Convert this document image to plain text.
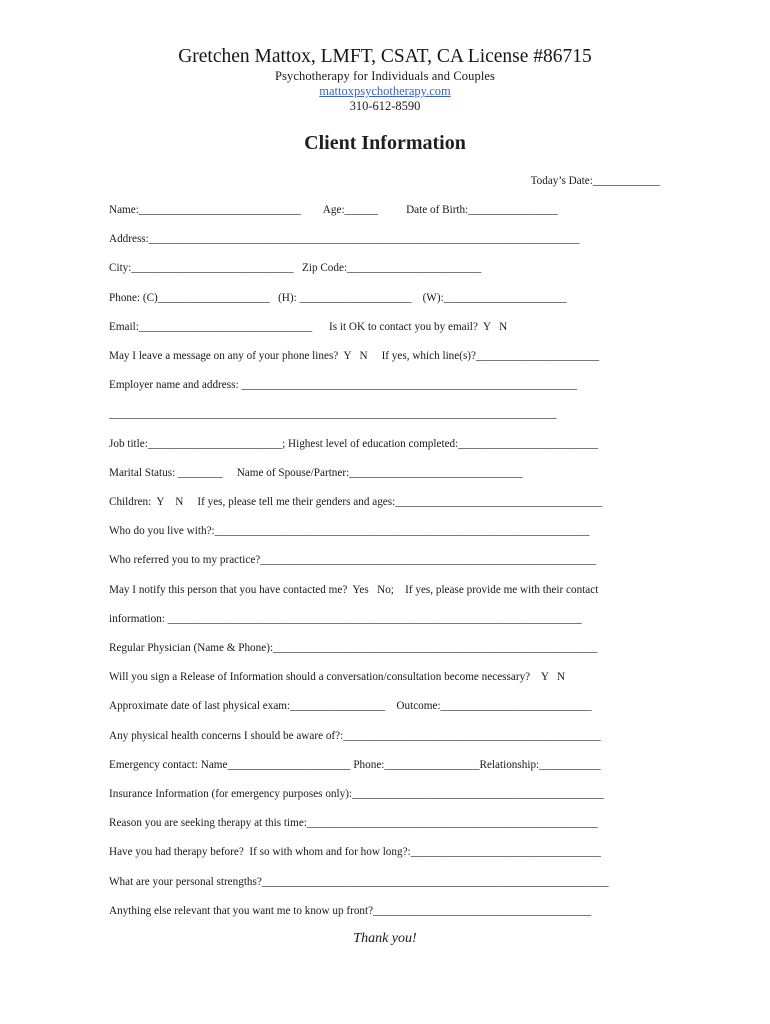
Gretchen Mattox, LMFT, CSAT, CA License #86715
Psychotherapy for Individuals and Couples
mattoxpsychotherapy.com
310-612-8590
Client Information
Today’s Date:____________
Name:_____________________________        Age:______          Date of Birth:________________
Address:_____________________________________________________________________________
City:_____________________________   Zip Code:________________________
Phone: (C)____________________   (H): ____________________    (W):______________________
Email:_______________________________      Is it OK to contact you by email?  Y   N
May I leave a message on any of your phone lines?  Y   N     If yes, which line(s)?______________________
Employer name and address: ____________________________________________________________
________________________________________________________________________________
Job title:________________________; Highest level of education completed:_________________________
Marital Status: ________     Name of Spouse/Partner:_______________________________
Children:  Y    N     If yes, please tell me their genders and ages:_____________________________________
Who do you live with?:___________________________________________________________________
Who referred you to my practice?____________________________________________________________
May I notify this person that you have contacted me?  Yes   No;    If yes, please provide me with their contact
information: __________________________________________________________________________
Regular Physician (Name & Phone):__________________________________________________________
Will you sign a Release of Information should a conversation/consultation become necessary?    Y   N
Approximate date of last physical exam:_________________    Outcome:___________________________
Any physical health concerns I should be aware of?:______________________________________________
Emergency contact: Name______________________ Phone:_________________Relationship:___________
Insurance Information (for emergency purposes only):_____________________________________________
Reason you are seeking therapy at this time:____________________________________________________
Have you had therapy before?  If so with whom and for how long?:__________________________________
What are your personal strengths?______________________________________________________________
Anything else relevant that you want me to know up front?_______________________________________
Thank you!
